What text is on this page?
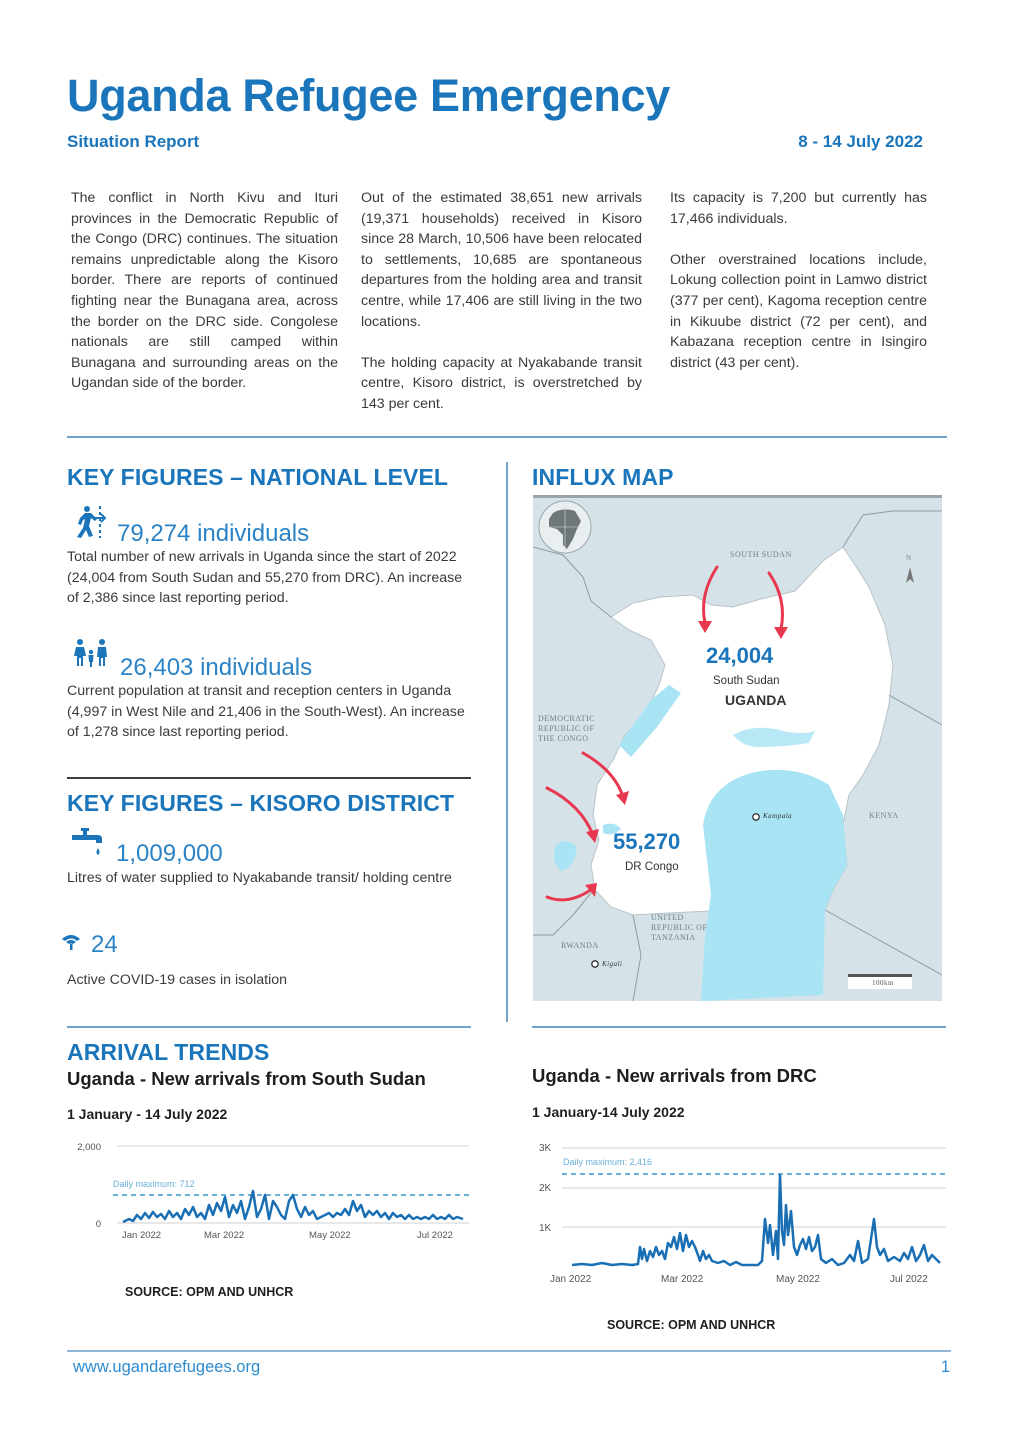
Uganda Refugee Emergency
Situation Report	8 - 14 July 2022

The conflict in North Kivu and Ituri provinces in the Democratic Republic of the Congo (DRC) continues. The situation remains unpredictable along the Kisoro border. There are reports of continued fighting near the Bunagana area, across the border on the DRC side. Congolese nationals are still camped within Bunagana and surrounding areas on the Ugandan side of the border.

Out of the estimated 38,651 new arrivals (19,371 households) received in Kisoro since 28 March, 10,506 have been relocated to settlements, 10,685 are spontaneous departures from the holding area and transit centre, while 17,406 are still living in the two locations.

The holding capacity at Nyakabande transit centre, Kisoro district, is overstretched by 143 per cent.

Its capacity is 7,200 but currently has 17,466 individuals.

Other overstrained locations include, Lokung collection point in Lamwo district (377 per cent), Kagoma reception centre in Kikuube district (72 per cent), and Kabazana reception centre in Isingiro district (43 per cent).

KEY FIGURES – NATIONAL LEVEL
79,274 individuals
Total number of new arrivals in Uganda since the start of 2022 (24,004 from South Sudan and 55,270 from DRC). An increase of 2,386 since last reporting period.
26,403 individuals
Current population at transit and reception centers in Uganda (4,997 in West Nile and 21,406 in the South-West). An increase of 1,278 since last reporting period.
KEY FIGURES – KISORO DISTRICT
1,009,000
Litres of water supplied to Nyakabande transit/ holding centre
24
Active COVID-19 cases in isolation
INFLUX MAP
SOUTH SUDAN
DEMOCRATIC REPUBLIC OF THE CONGO
KENYA
UNITED REPUBLIC OF TANZANIA
RWANDA
Kampala
Kigali
N
100km
24,004
South Sudan
UGANDA
55,270
DR Congo
ARRIVAL TRENDS
Uganda - New arrivals from South Sudan
1 January - 14 July 2022
2,000
0
Daily maximum: 712
Jan 2022	Mar 2022	May 2022	Jul 2022
SOURCE: OPM AND UNHCR
Uganda - New arrivals from DRC
1 January-14 July 2022
3K
2K
1K
Daily maximum: 2,416
Jan 2022	Mar 2022	May 2022	Jul 2022
SOURCE: OPM AND UNHCR
www.ugandarefugees.org	1
